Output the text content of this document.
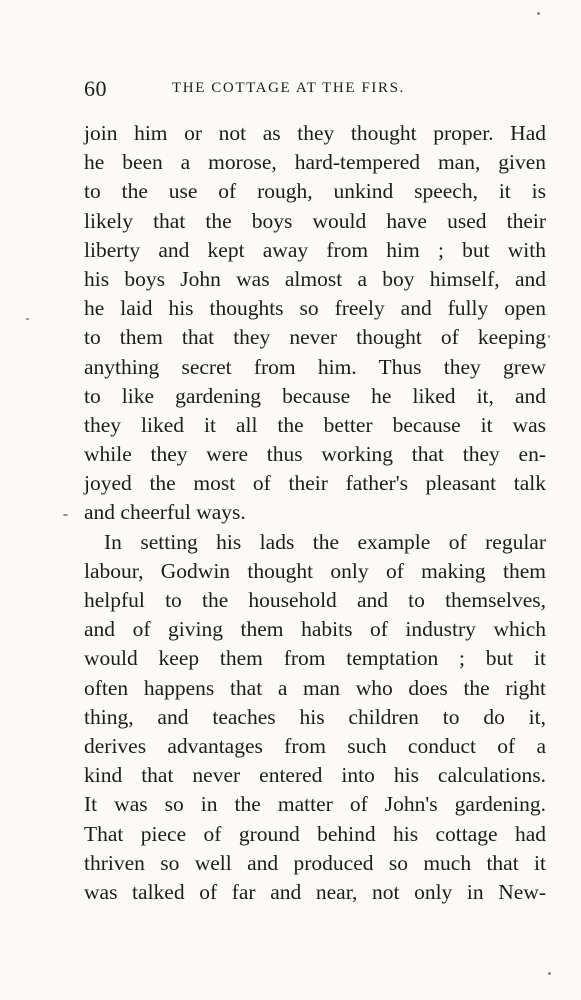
60	THE COTTAGE AT THE FIRS.
join him or not as they thought proper. Had
he been a morose, hard-tempered man, given
to the use of rough, unkind speech, it is
likely that the boys would have used their
liberty and kept away from him ; but with
his boys John was almost a boy himself, and
he laid his thoughts so freely and fully open
to them that they never thought of keeping
anything secret from him. Thus they grew
to like gardening because he liked it, and
they liked it all the better because it was
while they were thus working that they en-
joyed the most of their father's pleasant talk
and cheerful ways.
In setting his lads the example of regular
labour, Godwin thought only of making them
helpful to the household and to themselves,
and of giving them habits of industry which
would keep them from temptation ; but it
often happens that a man who does the right
thing, and teaches his children to do it,
derives advantages from such conduct of a
kind that never entered into his calculations.
It was so in the matter of John's gardening.
That piece of ground behind his cottage had
thriven so well and produced so much that it
was talked of far and near, not only in New-
